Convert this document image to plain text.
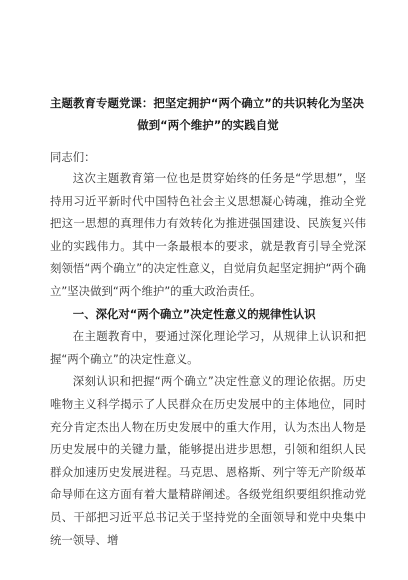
主题教育专题党课：把坚定拥护“两个确立”的共识转化为坚决
做到“两个维护”的实践自觉
同志们：

这次主题教育第一位也是贯穿始终的任务是“学思想”，坚持用习近平新时代中国特色社会主义思想凝心铸魂，推动全党把这一思想的真理伟力有效转化为推进强国建设、民族复兴伟业的实践伟力。其中一条最根本的要求，就是教育引导全党深刻领悟“两个确立”的决定性意义，自觉肩负起坚定拥护“两个确立”坚决做到“两个维护”的重大政治责任。

一、深化对“两个确立”决定性意义的规律性认识

在主题教育中，要通过深化理论学习，从规律上认识和把握“两个确立”的决定性意义。

深刻认识和把握“两个确立”决定性意义的理论依据。历史唯物主义科学揭示了人民群众在历史发展中的主体地位，同时充分肯定杰出人物在历史发展中的重大作用，认为杰出人物是历史发展中的关键力量，能够提出进步思想，引领和组织人民群众加速历史发展进程。马克思、恩格斯、列宁等无产阶级革命导师在这方面有着大量精辟阐述。各级党组织要组织推动党员、干部把习近平总书记关于坚持党的全面领导和党中央集中统一领导、增
